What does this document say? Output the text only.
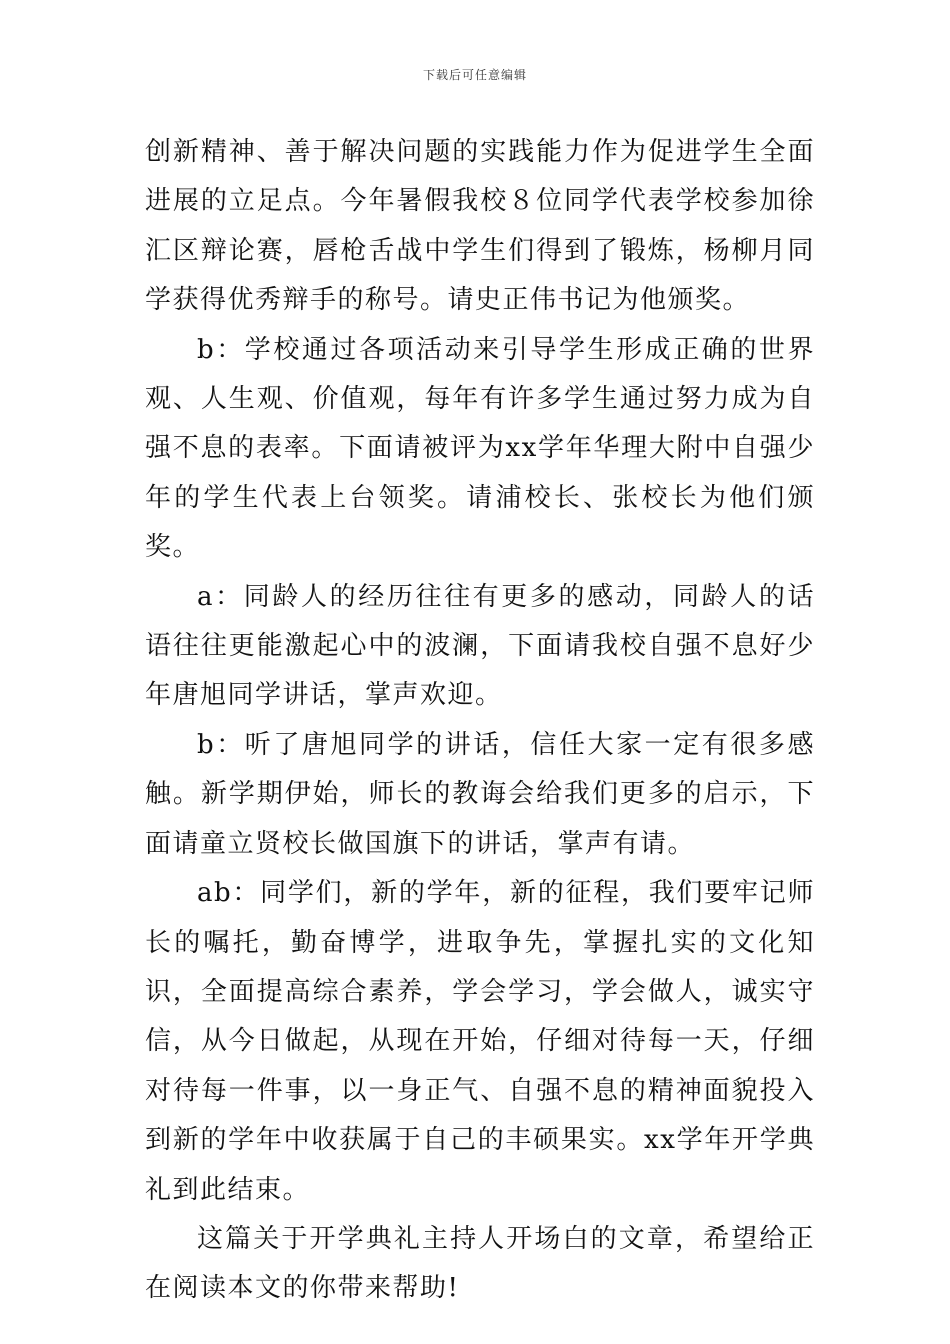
下载后可任意编辑

创新精神、善于解决问题的实践能力作为促进学生全面进展的立足点。今年暑假我校８位同学代表学校参加徐汇区辩论赛，唇枪舌战中学生们得到了锻炼，杨柳月同学获得优秀辩手的称号。请史正伟书记为他颁奖。

b：学校通过各项活动来引导学生形成正确的世界观、人生观、价值观，每年有许多学生通过努力成为自强不息的表率。下面请被评为xx学年华理大附中自强少年的学生代表上台领奖。请浦校长、张校长为他们颁奖。

a：同龄人的经历往往有更多的感动，同龄人的话语往往更能激起心中的波澜，下面请我校自强不息好少年唐旭同学讲话，掌声欢迎。

b：听了唐旭同学的讲话，信任大家一定有很多感触。新学期伊始，师长的教诲会给我们更多的启示，下面请童立贤校长做国旗下的讲话，掌声有请。

ab：同学们，新的学年，新的征程，我们要牢记师长的嘱托，勤奋博学，进取争先，掌握扎实的文化知识，全面提高综合素养，学会学习，学会做人，诚实守信，从今日做起，从现在开始，仔细对待每一天，仔细对待每一件事，以一身正气、自强不息的精神面貌投入到新的学年中收获属于自己的丰硕果实。xx学年开学典礼到此结束。

这篇关于开学典礼主持人开场白的文章，希望给正在阅读本文的你带来帮助!
